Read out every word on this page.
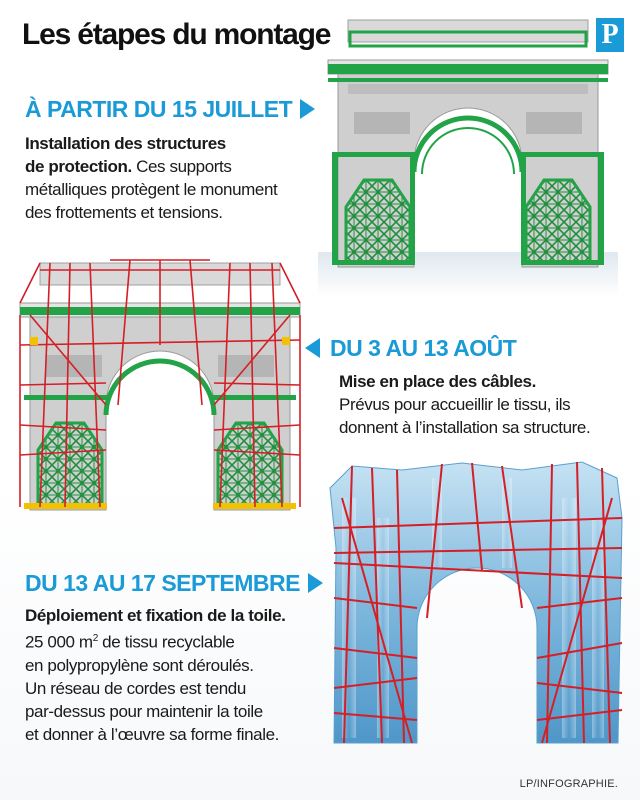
Les étapes du montage	P
À PARTIR DU 15 JUILLET
Installation des structures
de protection. Ces supports
métalliques protègent le monument
des frottements et tensions.
DU 3 AU 13 AOÛT
Mise en place des câbles.
Prévus pour accueillir le tissu, ils
donnent à l’installation sa structure.
DU 13 AU 17 SEPTEMBRE
Déploiement et fixation de la toile.
25 000 $m^2$ de tissu recyclable
en polypropylène sont déroulés.
Un réseau de cordes est tendu
par-dessus pour maintenir la toile
et donner à l’œuvre sa forme finale.
LP/INFOGRAPHIE.
